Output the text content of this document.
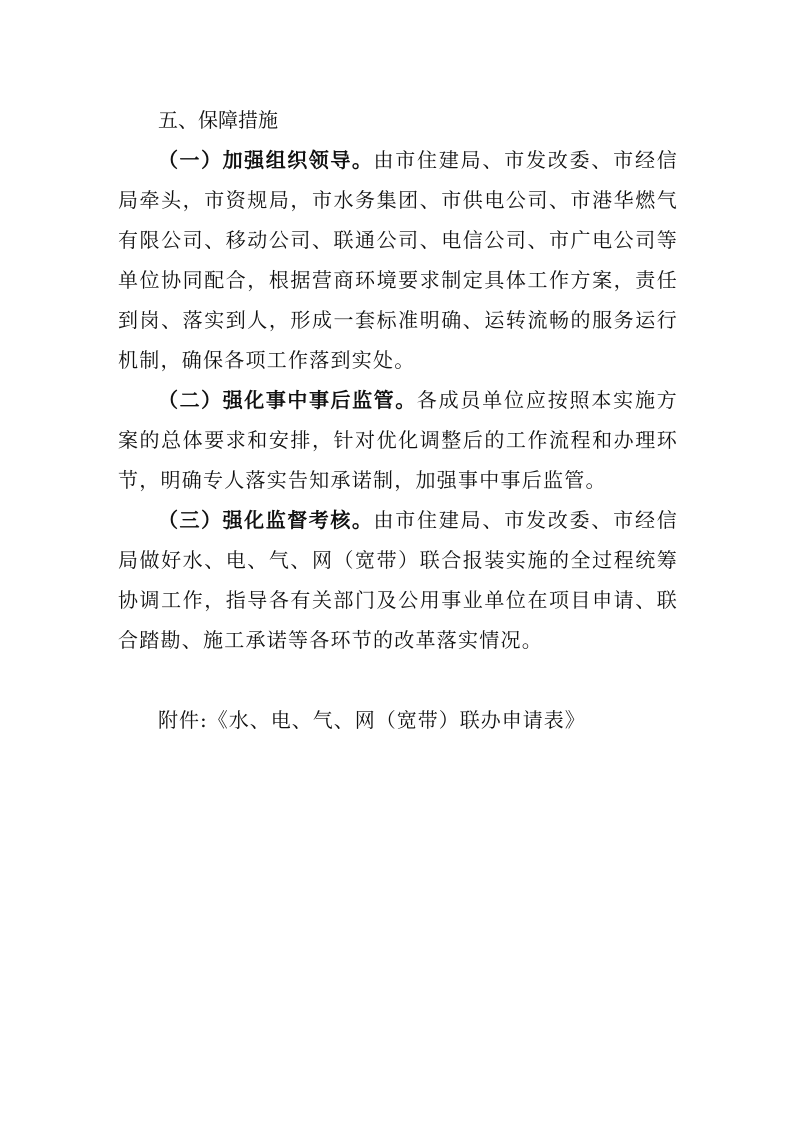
五、保障措施

（一）加强组织领导。由市住建局、市发改委、市经信局牵头，市资规局，市水务集团、市供电公司、市港华燃气有限公司、移动公司、联通公司、电信公司、市广电公司等单位协同配合，根据营商环境要求制定具体工作方案，责任到岗、落实到人，形成一套标准明确、运转流畅的服务运行机制，确保各项工作落到实处。

（二）强化事中事后监管。各成员单位应按照本实施方案的总体要求和安排，针对优化调整后的工作流程和办理环节，明确专人落实告知承诺制，加强事中事后监管。

（三）强化监督考核。由市住建局、市发改委、市经信局做好水、电、气、网（宽带）联合报装实施的全过程统筹协调工作，指导各有关部门及公用事业单位在项目申请、联合踏勘、施工承诺等各环节的改革落实情况。

附件:《水、电、气、网（宽带）联办申请表》
